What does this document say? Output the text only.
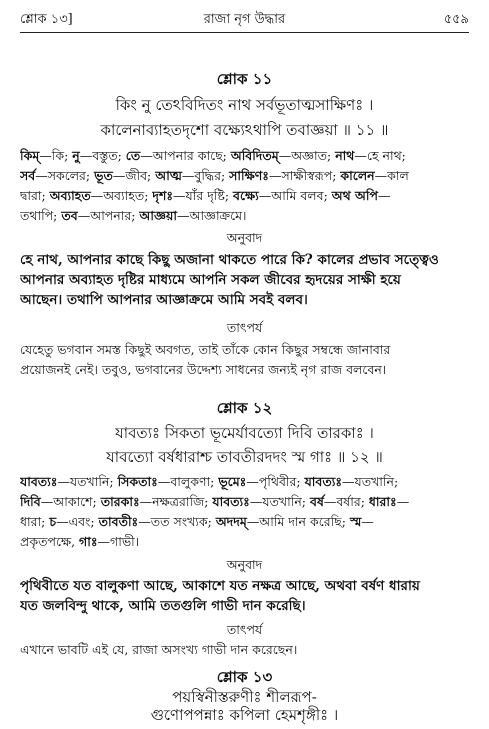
শ্লোক ১৩]	রাজা নৃগ উদ্ধার	৫৫৯
শ্লোক ১১
কিং নু তেঽবিদিতং নাথ সর্বভূতাত্মসাক্ষিণঃ ।
কালেনাব্যাহতদৃশো বক্ষ্যেঽথাপি তবাজ্ঞয়া ॥ ১১ ॥
কিম্—কি; নু—বস্তুত; তে—আপনার কাছে; অবিদিতম্—অজ্ঞাত; নাথ—হে নাথ;
সর্ব—সকলের; ভূত—জীব; আত্ম—বুদ্ধির; সাক্ষিণঃ—সাক্ষীস্বরূপ; কালেন—কাল
দ্বারা; অব্যাহত—অব্যাহত; দৃশঃ—যাঁর দৃষ্টি; বক্ষ্যে—আমি বলব; অথ অপি—
তথাপি; তব—আপনার; আজ্ঞয়া—আজ্ঞাক্রমে।
অনুবাদ
হে নাথ, আপনার কাছে কিছু অজানা থাকতে পারে কি? কালের প্রভাব সত্ত্বেও
আপনার অব্যাহত দৃষ্টির মাধ্যমে আপনি সকল জীবের হৃদয়ের সাক্ষী হয়ে
আছেন। তথাপি আপনার আজ্ঞাক্রমে আমি সবই বলব।
তাৎপর্য
যেহেতু ভগবান সমস্ত কিছুই অবগত, তাই তাঁকে কোন কিছুর সম্বন্ধে জানাবার
প্রয়োজনই নেই। তবুও, ভগবানের উদ্দেশ্য সাধনের জন্যই নৃগ রাজ বলবেন।
শ্লোক ১২
যাবত্যঃ সিকতা ভূমের্যাবত্যো দিবি তারকাঃ ।
যাবত্যো বর্ষধারাশ্চ তাবতীরদদং স্ম গাঃ ॥ ১২ ॥
যাবত্যঃ—যতখানি; সিকতাঃ—বালুকণা; ভূমেঃ—পৃথিবীর; যাবত্যঃ—যতখানি;
দিবি—আকাশে; তারকাঃ—নক্ষত্ররাজি; যাবত্যঃ—যতখানি; বর্ষ—বর্ষার; ধারাঃ—
ধারা; চ—এবং; তাবতীঃ—তত সংখ্যক; অদদম্—আমি দান করেছি; স্ম—
প্রকৃতপক্ষে, গাঃ—গাভী।
অনুবাদ
পৃথিবীতে যত বালুকণা আছে, আকাশে যত নক্ষত্র আছে, অথবা বর্ষণ ধারায়
যত জলবিন্দু থাকে, আমি ততগুলি গাভী দান করেছি।
তাৎপর্য
এখানে ভাবটি এই যে, রাজা অসংখ্য গাভী দান করেছেন।
শ্লোক ১৩
পয়স্বিনীস্তরুণীঃ শীলরূপ-
গুণোপপন্নাঃ কপিলা হেমশৃঙ্গীঃ ।
